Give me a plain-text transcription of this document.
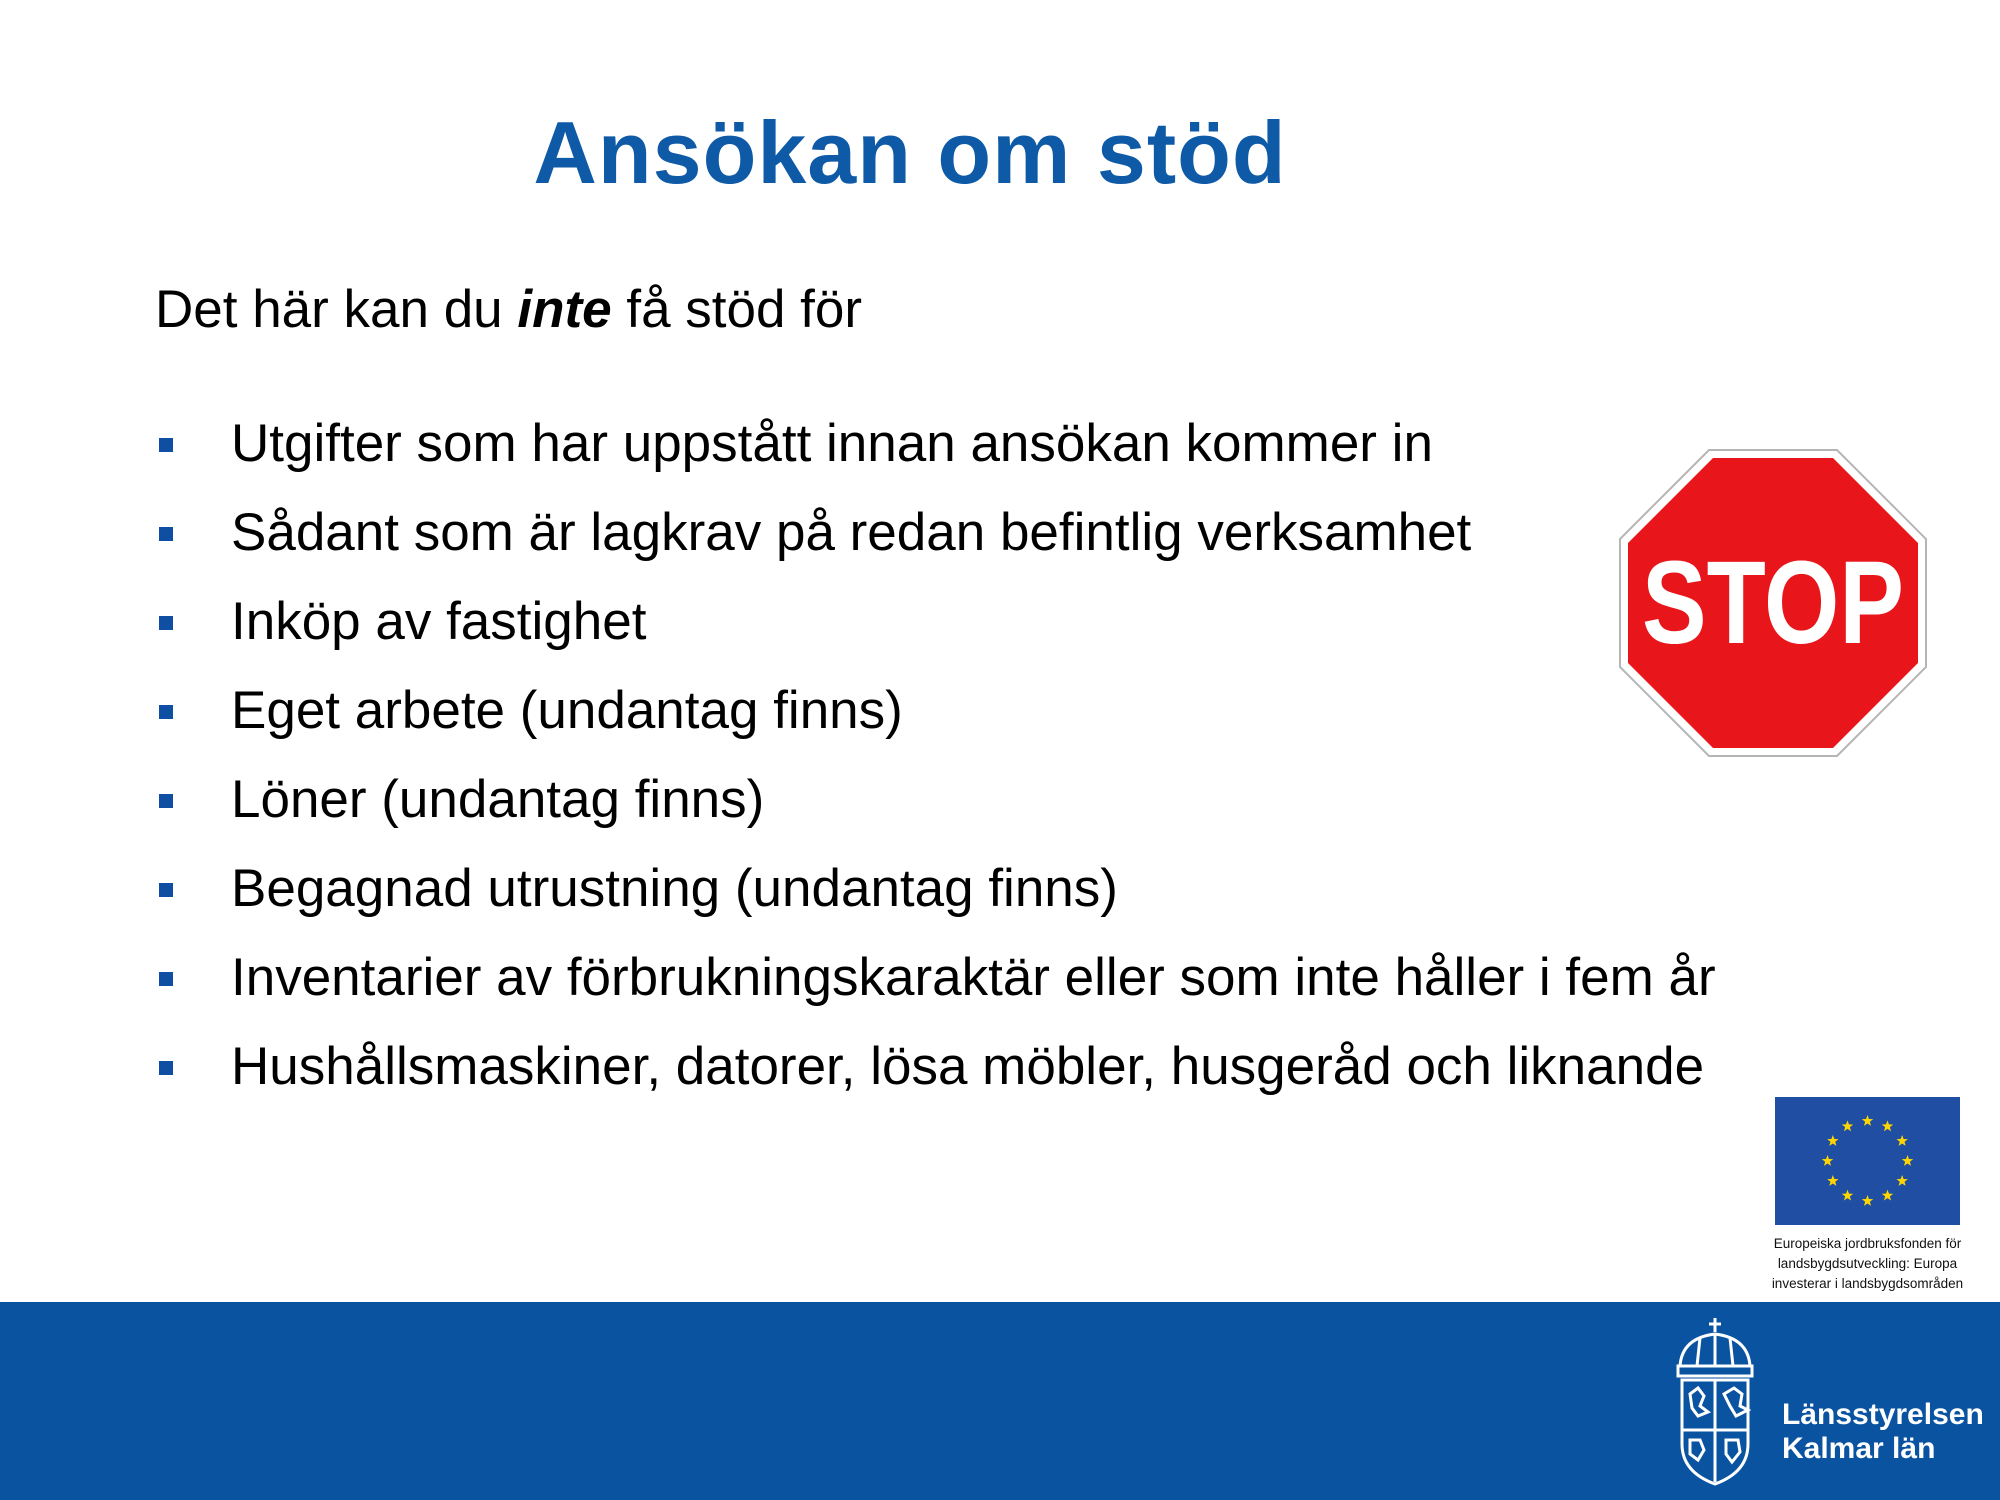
Ansökan om stöd
Det här kan du inte få stöd för
Utgifter som har uppstått innan ansökan kommer in
Sådant som är lagkrav på redan befintlig verksamhet
Inköp av fastighet
Eget arbete (undantag finns)
Löner (undantag finns)
Begagnad utrustning (undantag finns)
Inventarier av förbrukningskaraktär eller som inte håller i fem år
Hushållsmaskiner, datorer, lösa möbler, husgeråd och liknande
STOP
Europeiska jordbruksfonden för
landsbygdsutveckling: Europa
investerar i landsbygdsområden
Länsstyrelsen
Kalmar län
